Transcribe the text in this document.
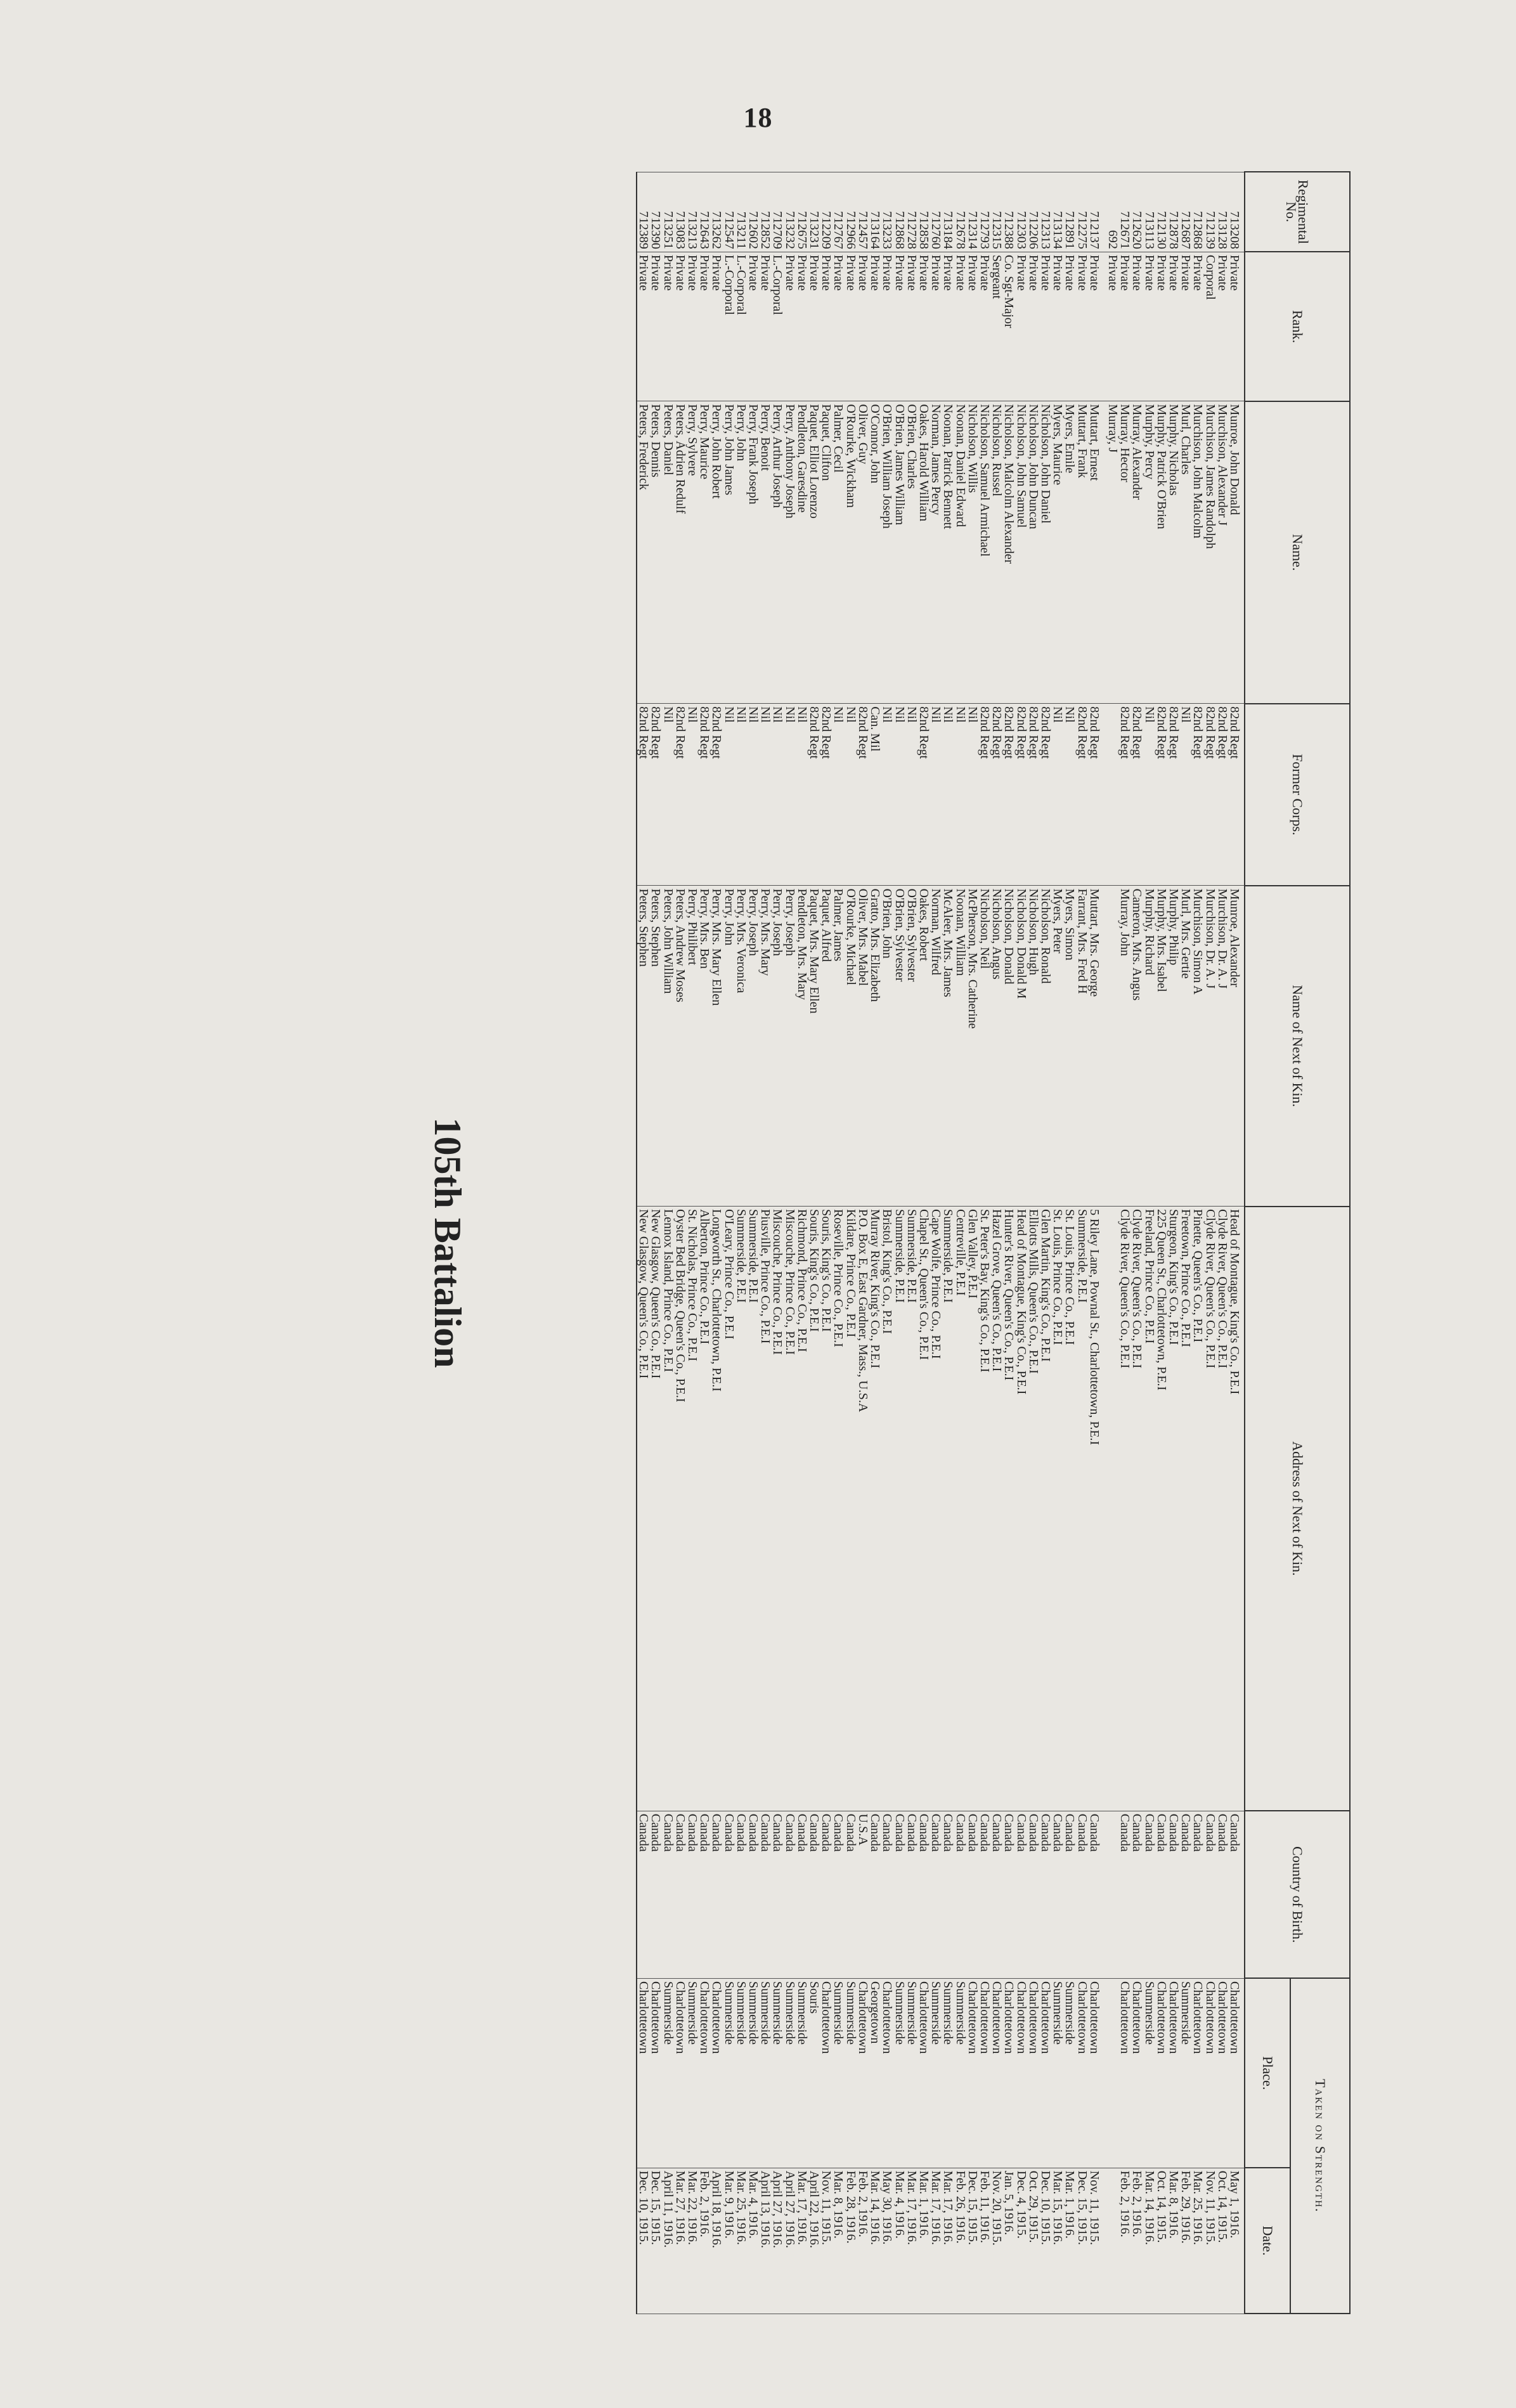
18
Regimental No.	Rank.	Name.	Former Corps.	Name of Next of Kin.	Address of Next of Kin.	Country of Birth.	Taken on Strength.	
							Place.	Date.
713208	Private	Munroe, John Donald	82nd Regt	Munroe, Alexander	Head of Montague, King's Co., P.E.I	Canada	Charlottetown	May 1, 1916.
713128	Private	Murchison, Alexander J	82nd Regt	Murchison, Dr. A. J	Clyde River, Queen's Co., P.E.I	Canada	Charlottetown	Oct. 14, 1915.
712139	Corporal	Murchison, James Randolph	82nd Regt	Murchison, Dr. A. J	Clyde River, Queen's Co., P.E.I	Canada	Charlottetown	Nov. 11, 1915.
712868	Private	Murchison, John Malcolm	82nd Regt	Murchison, Simon A	Pinette, Queen's Co., P.E.I	Canada	Charlottetown	Mar. 25, 1916.
712687	Private	Murl, Charles	Nil	Murl, Mrs. Gertie	Freetown, Prince Co., P.E.I	Canada	Summerside	Feb. 29, 1916.
712878	Private	Murphy, Nicholas	82nd Regt	Murphy, Philip	Sturgeon, King's Co., P.E.I	Canada	Charlottetown	Mar. 8, 1916.
712130	Private	Murphy, Patrick O'Brien	82nd Regt	Murphy, Mrs. Isabel	225 Queen St., Charlottetown, P.E.I	Canada	Charlottetown	Oct. 14, 1915.
713113	Private	Murphy, Percy	Nil	Murphy, Richard	Freeland, Prince Co., P.E.I	Canada	Summerside	Mar. 14, 1916.
712620	Private	Murray, Alexander	82nd Regt	Cameron, Mrs. Angus	Clyde River, Queen's Co., P.E.I	Canada	Charlottetown	Feb. 2, 1916.
712671	Private	Murray, Hector	82nd Regt	Murray, John	Clyde River, Queen's Co., P.E.I	Canada	Charlottetown	Feb. 2, 1916.
692	Private	Murray, J						
712137	Private	Muttart, Ernest	82nd Regt	Muttart, Mrs. George	5 Riley Lane, Pownal St., Charlottetown, P.E.I	Canada	Charlottetown	Nov. 11, 1915.
712275	Private	Muttart, Frank	82nd Regt	Farrant, Mrs. Fred H	Summerside, P.E.I	Canada	Charlottetown	Dec. 15, 1915.
712891	Private	Myers, Emile	Nil	Myers, Simon	St. Louis, Prince Co., P.E.I	Canada	Summerside	Mar. 1, 1916.
713134	Private	Myers, Maurice	Nil	Myers, Peter	St. Louis, Prince Co., P.E.I	Canada	Summerside	Mar. 15, 1916.
712313	Private	Nicholson, John Daniel	82nd Regt	Nicholson, Ronald	Glen Martin, King's Co., P.E.I	Canada	Charlottetown	Dec. 10, 1915.
712206	Private	Nicholson, John Duncan	82nd Regt	Nicholson, Hugh	Elliotts Mills, Queen's Co., P.E.I	Canada	Charlottetown	Oct. 29, 1915.
712303	Private	Nicholson, John Samuel	82nd Regt	Nicholson, Donald M	Head of Montague, King's Co., P.E.I	Canada	Charlottetown	Dec. 4, 1915.
712388	Co. Sgt-Major	Nicholson, Malcolm Alexander	82nd Regt	Nicholson, Donald	Hunter's River, Queen's Co., P.E.I	Canada	Charlottetown	Jan. 5, 1916.
712315	Sergeant	Nicholson, Russel	82nd Regt	Nicholson, Angus	Hazel Grove, Queen's Co., P.E.I	Canada	Charlottetown	Nov. 20, 1915.
712793	Private	Nicholson, Samuel Armichael	82nd Regt	Nicholson, Neil	St. Peter's Bay, King's Co., P.E.I	Canada	Charlottetown	Feb. 11, 1916.
712314	Private	Nicholson, Willis	Nil	McPherson, Mrs. Catherine	Glen Valley, P.E.I	Canada	Charlottetown	Dec. 15, 1915.
712678	Private	Noonan, Daniel Edward	Nil	Noonan, William	Centreville, P.E.I	Canada	Summerside	Feb. 26, 1916.
713184	Private	Noonan, Patrick Bennett	Nil	McAleer, Mrs. James	Summerside, P.E.I	Canada	Summerside	Mar. 17, 1916.
712760	Private	Norman, James Percy	Nil	Norman, Wilfred	Cape Wolfe, Prince Co., P.E.I	Canada	Summerside	Mar. 17, 1916.
712858	Private	Oakes, Harold William	82nd Regt	Oakes, Robert	Chapel St., Queen's Co., P.E.I	Canada	Charlottetown	Mar. 1, 1916.
712728	Private	O'Brien, Charles	Nil	O'Brien, Sylvester	Summerside, P.E.I	Canada	Summerside	Mar. 17, 1916.
712868	Private	O'Brien, James William	Nil	O'Brien, Sylvester	Summerside, P.E.I	Canada	Summerside	Mar. 4, 1916.
713233	Private	O'Brien, William Joseph	Nil	O'Brien, John	Bristol, King's Co., P.E.I	Canada	Charlottetown	May 30, 1916.
713164	Private	O'Connor, John	Can. Mil	Gratto, Mrs. Elizabeth	Murray River, King's Co., P.E.I	Canada	Georgetown	Mar. 14, 1916.
712457	Private	Oliver, Guy	82nd Regt	Oliver, Mrs. Mabel	P.O. Box E, East Gardner, Mass., U.S.A	U.S.A	Charlottetown	Feb. 2, 1916.
712966	Private	O'Rourke, Wickham	Nil	O'Rourke, Michael	Kildare, Prince Co., P.E.I	Canada	Summerside	Feb. 28, 1916.
712767	Private	Palmer, Cecil	Nil	Palmer, James	Roseville, Prince Co., P.E.I	Canada	Summerside	Mar. 8, 1916.
712209	Private	Paquet, Clifton	82nd Regt	Paquet, Alfred	Souris, King's Co., P.E.I	Canada	Charlottetown	Nov. 11, 1915.
713231	Private	Paquet, Elliot Lorenzo	82nd Regt	Paquet, Mrs. Mary Ellen	Souris, King's Co., P.E.I	Canada	Souris	April 22, 1916.
712675	Private	Pendleton, Garesdine	Nil	Pendleton, Mrs. Mary	Richmond, Prince Co., P.E.I	Canada	Summerside	Mar. 17, 1916.
713232	Private	Perry, Anthony Joseph	Nil	Perry, Joseph	Miscouche, Prince Co., P.E.I	Canada	Summerside	April 27, 1916.
712709	L.-Corporal	Perry, Arthur Joseph	Nil	Perry, Joseph	Miscouche, Prince Co., P.E.I	Canada	Summerside	April 27, 1916.
712852	Private	Perry, Benoit	Nil	Perry, Mrs. Mary	Piusville, Prince Co., P.E.I	Canada	Summerside	April 13, 1916.
712602	Private	Perry, Frank Joseph	Nil	Perry, Joseph	Summerside, P.E.I	Canada	Summerside	Mar. 4, 1916.
713211	L.-Corporal	Perry, John	Nil	Perry, Mrs. Veronica	Summerside, P.E.I	Canada	Summerside	Mar. 25, 1916.
712547	L.-Corporal	Perry, John James	Nil	Perry, John	O'Leary, Prince Co., P.E.I	Canada	Summerside	Mar. 9, 1916.
713262	Private	Perry, John Robert	82nd Regt	Perry, Mrs. Mary Ellen	Longworth St., Charlottetown, P.E.I	Canada	Charlottetown	April 18, 1916.
712643	Private	Perry, Maurice	82nd Regt	Perry, Mrs. Ben	Alberton, Prince Co., P.E.I	Canada	Charlottetown	Feb. 2, 1916.
713213	Private	Perry, Sylvere	Nil	Perry, Philibert	St. Nicholas, Prince Co., P.E.I	Canada	Summerside	Mar. 22, 1916.
713083	Private	Peters, Adrien Redulf	82nd Regt	Peters, Andrew Moses	Oyster Bed Bridge, Queen's Co., P.E.I	Canada	Charlottetown	Mar. 27, 1916.
713251	Private	Peters, Daniel	Nil	Peters, John William	Lennox Island, Prince Co., P.E.I	Canada	Summerside	April 11, 1916.
712390	Private	Peters, Dennis	82nd Regt	Peters, Stephen	New Glasgow, Queen's Co., P.E.I	Canada	Charlottetown	Dec. 15, 1915.
712389	Private	Peters, Frederick	82nd Regt	Peters, Stephen	New Glasgow, Queen's Co., P.E.I	Canada	Charlottetown	Dec. 10, 1915.
105th Battalion
